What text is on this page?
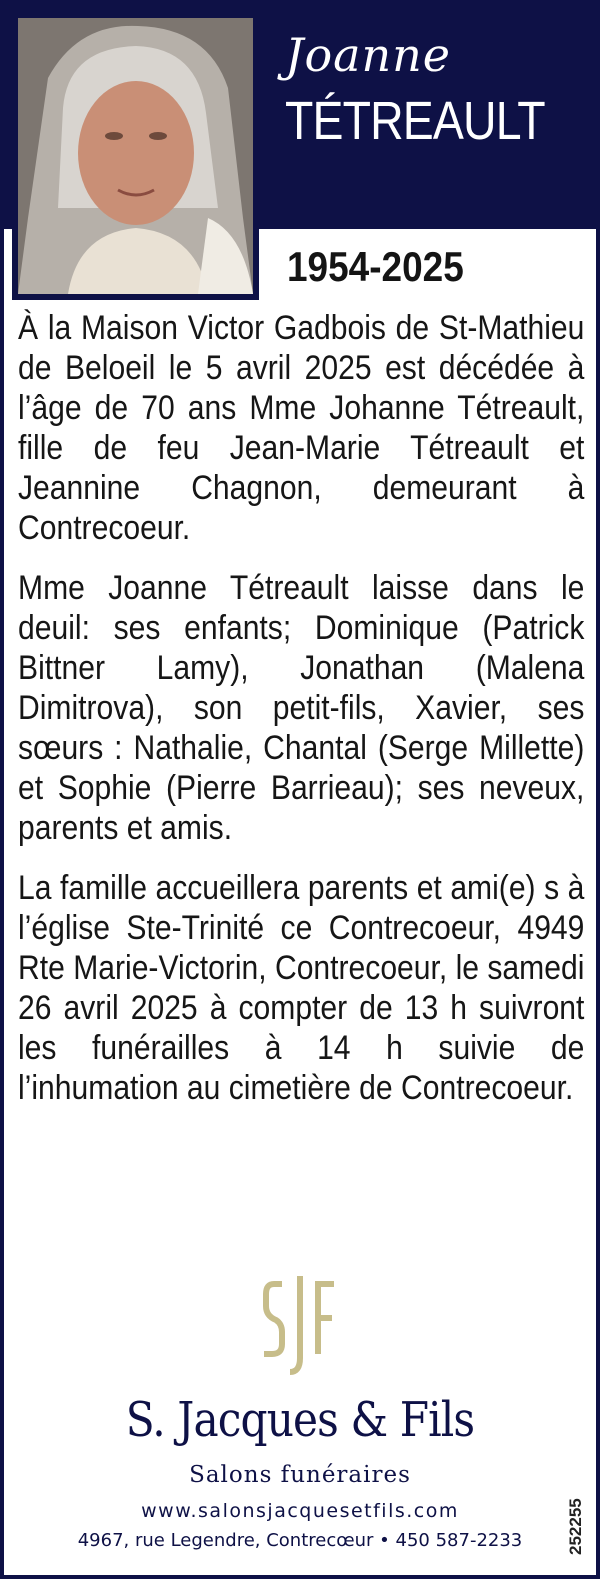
Joanne
TÉTREAULT
1954-2025

À la Maison Victor Gadbois de St-Mathieu de Beloeil le 5 avril 2025 est décédée à l’âge de 70 ans Mme Johanne Tétreault, fille de feu Jean-Marie Tétreault et Jeannine Chagnon, demeurant à Contrecoeur.

Mme Joanne Tétreault laisse dans le deuil: ses enfants; Dominique (Patrick Bittner Lamy), Jonathan (Malena Dimitrova), son petit-fils, Xavier, ses sœurs : Nathalie, Chantal (Serge Millette) et Sophie (Pierre Barrieau); ses neveux, parents et amis.

La famille accueillera parents et ami(e) s à l’église Ste-Trinité ce Contrecoeur, 4949 Rte Marie-Victorin, Contrecoeur, le samedi 26 avril 2025 à compter de 13 h suivront les funérailles à 14 h suivie de l’inhumation au cimetière de Contrecoeur.

S. Jacques & Fils
Salons funéraires
www.salonsjacquesetfils.com
4967, rue Legendre, Contrecœur • 450 587-2233	252255
